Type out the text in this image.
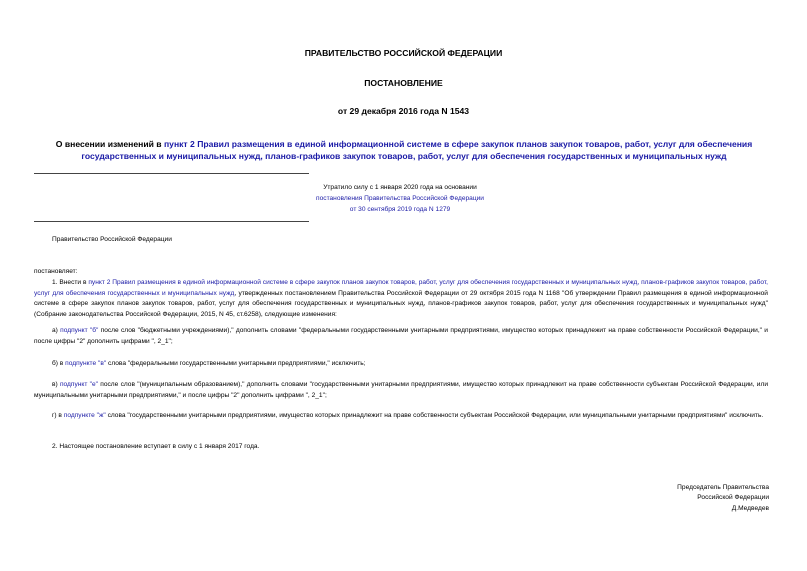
ПРАВИТЕЛЬСТВО РОССИЙСКОЙ ФЕДЕРАЦИИ
ПОСТАНОВЛЕНИЕ
от 29 декабря 2016 года N 1543
О внесении изменений в пункт 2 Правил размещения в единой информационной системе в сфере закупок планов закупок товаров, работ, услуг для обеспечения государственных и муниципальных нужд, планов-графиков закупок товаров, работ, услуг для обеспечения государственных и муниципальных нужд
Утратило силу с 1 января 2020 года на основании
постановления Правительства Российской Федерации
от 30 сентября 2019 года N 1279
Правительство Российской Федерации
постановляет:
1. Внести в пункт 2 Правил размещения в единой информационной системе в сфере закупок планов закупок товаров, работ, услуг для обеспечения государственных и муниципальных нужд, планов-графиков закупок товаров, работ, услуг для обеспечения государственных и муниципальных нужд, утвержденных постановлением Правительства Российской Федерации от 29 октября 2015 года N 1168 "Об утверждении Правил размещения в единой информационной системе в сфере закупок планов закупок товаров, работ, услуг для обеспечения государственных и муниципальных нужд, планов-графиков закупок товаров, работ, услуг для обеспечения государственных и муниципальных нужд" (Собрание законодательства Российской Федерации, 2015, N 45, ст.6258), следующие изменения:
а) подпункт "б" после слов "бюджетными учреждениями)," дополнить словами "федеральными государственными унитарными предприятиями, имущество которых принадлежит на праве собственности Российской Федерации," и после цифры "2" дополнить цифрами ", 2_1";
б) в подпункте "в" слова "федеральными государственными унитарными предприятиями," исключить;
в) подпункт "е" после слов "(муниципальным образованием)," дополнить словами "государственными унитарными предприятиями, имущество которых принадлежит на праве собственности субъектам Российской Федерации, или муниципальными унитарными предприятиями," и после цифры "2" дополнить цифрами ", 2_1";
г) в подпункте "ж" слова "государственными унитарными предприятиями, имущество которых принадлежит на праве собственности субъектам Российской Федерации, или муниципальными унитарными предприятиями" исключить.
2. Настоящее постановление вступает в силу с 1 января 2017 года.
Председатель Правительства
Российской Федерации
Д.Медведев
